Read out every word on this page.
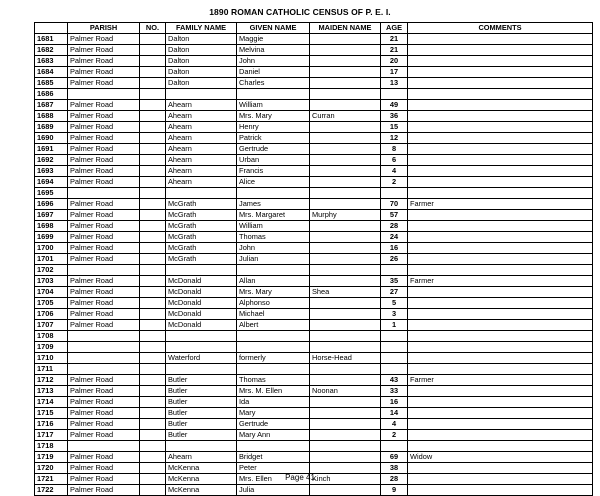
1890 ROMAN CATHOLIC CENSUS OF P. E. I.
	PARISH	NO.	FAMILY NAME	GIVEN NAME	MAIDEN NAME	AGE	COMMENTS
1681	Palmer Road		Dalton	Maggie		21	
1682	Palmer Road		Dalton	Melvina		21	
1683	Palmer Road		Dalton	John		20	
1684	Palmer Road		Dalton	Daniel		17	
1685	Palmer Road		Dalton	Charles		13	
1686							
1687	Palmer Road		Ahearn	William		49	
1688	Palmer Road		Ahearn	Mrs. Mary	Curran	36	
1689	Palmer Road		Ahearn	Henry		15	
1690	Palmer Road		Ahearn	Patrick		12	
1691	Palmer Road		Ahearn	Gertrude		8	
1692	Palmer Road		Ahearn	Urban		6	
1693	Palmer Road		Ahearn	Francis		4	
1694	Palmer Road		Ahearn	Alice		2	
1695							
1696	Palmer Road		McGrath	James		70	Farmer
1697	Palmer Road		McGrath	Mrs. Margaret	Murphy	57	
1698	Palmer Road		McGrath	William		28	
1699	Palmer Road		McGrath	Thomas		24	
1700	Palmer Road		McGrath	John		16	
1701	Palmer Road		McGrath	Julian		26	
1702							
1703	Palmer Road		McDonald	Allan		35	Farmer
1704	Palmer Road		McDonald	Mrs. Mary	Shea	27	
1705	Palmer Road		McDonald	Alphonso		5	
1706	Palmer Road		McDonald	Michael		3	
1707	Palmer Road		McDonald	Albert		1	
1708							
1709							
1710			Waterford	formerly	Horse-Head		
1711							
1712	Palmer Road		Butler	Thomas		43	Farmer
1713	Palmer Road		Butler	Mrs. M. Ellen	Noonan	33	
1714	Palmer Road		Butler	Ida		16	
1715	Palmer Road		Butler	Mary		14	
1716	Palmer Road		Butler	Gertrude		4	
1717	Palmer Road		Butler	Mary Ann		2	
1718							
1719	Palmer Road		Ahearn	Bridget		69	Widow
1720	Palmer Road		McKenna	Peter		38	
1721	Palmer Road		McKenna	Mrs. Ellen	Kinch	28	
1722	Palmer Road		McKenna	Julia		9	
Page 41
